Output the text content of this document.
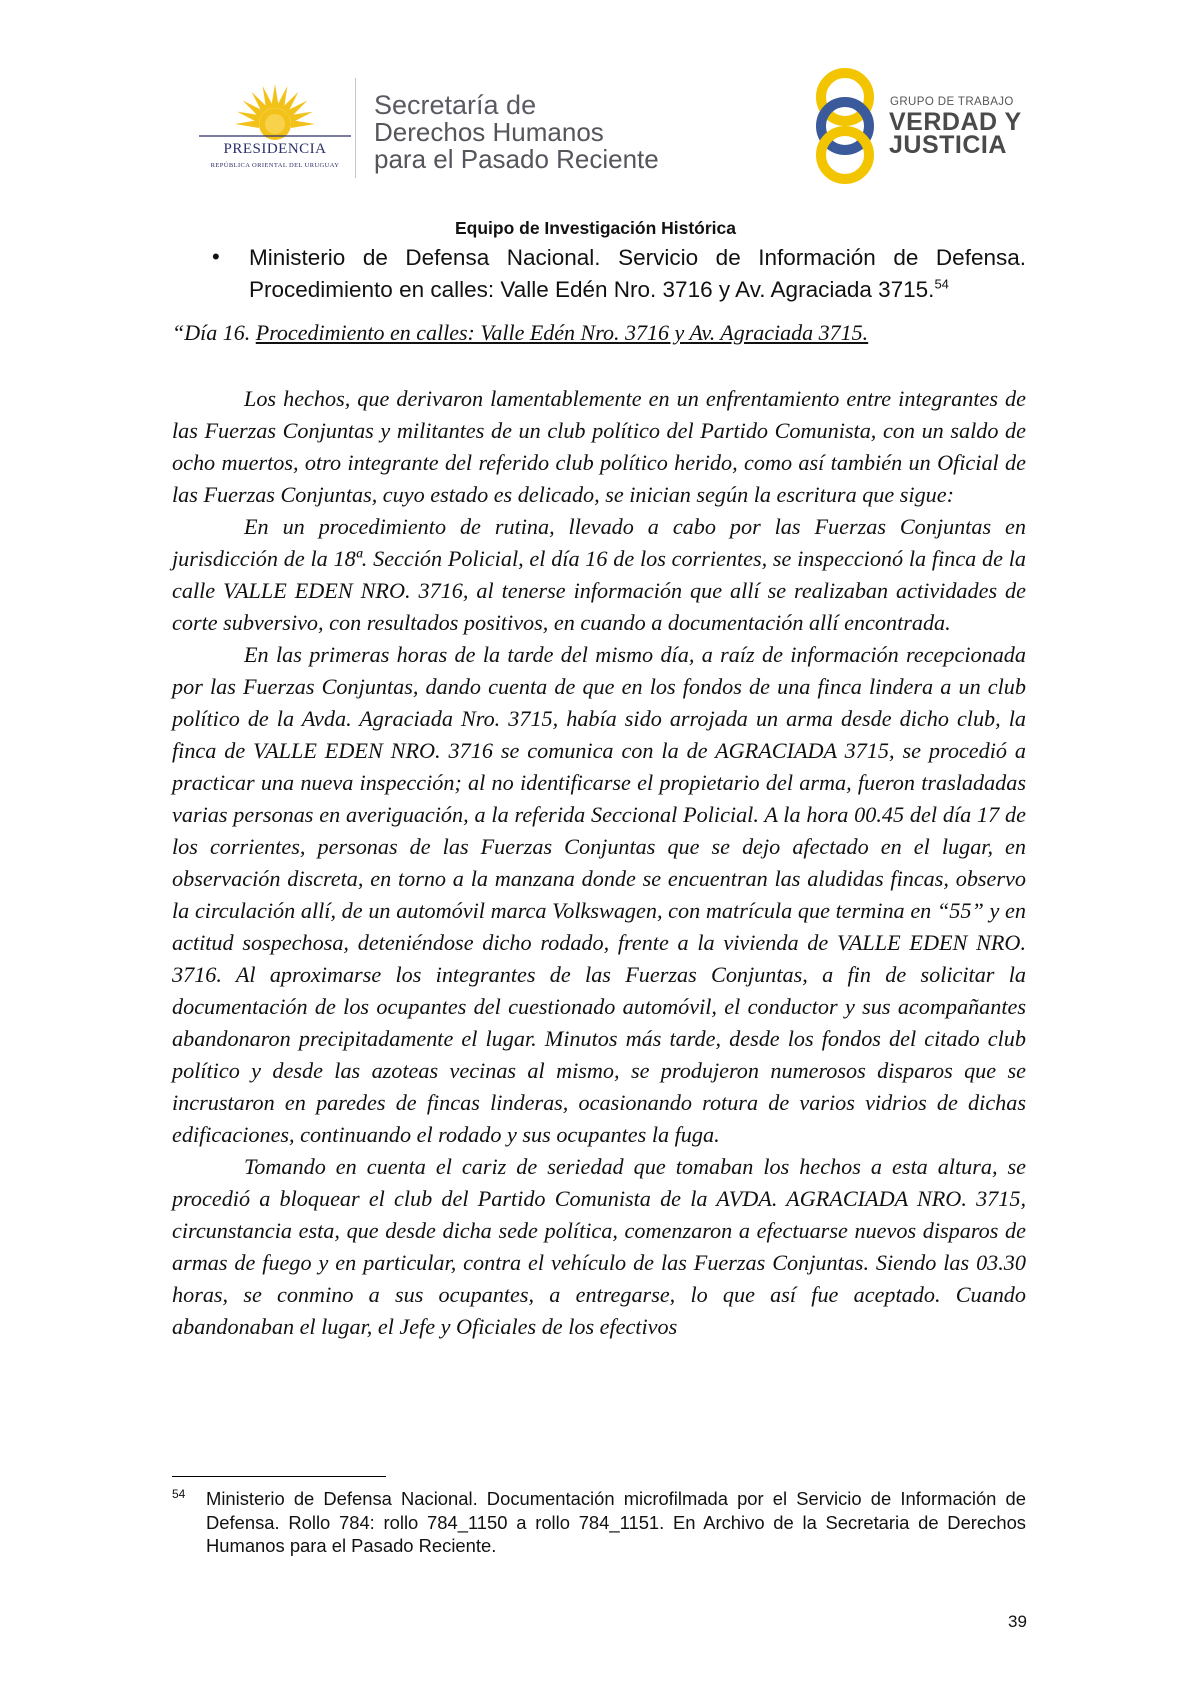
PRESIDENCIA
REPÚBLICA ORIENTAL DEL URUGUAY
Secretaría de
Derechos Humanos
para el Pasado Reciente
GRUPO DE TRABAJO
VERDAD Y
JUSTICIA
Equipo de Investigación Histórica
• Ministerio de Defensa Nacional. Servicio de Información de Defensa. Procedimiento en calles: Valle Edén Nro. 3716 y Av. Agraciada 3715.54
“Día 16. Procedimiento en calles: Valle Edén Nro. 3716 y Av. Agraciada 3715.

Los hechos, que derivaron lamentablemente en un enfrentamiento entre integrantes de las Fuerzas Conjuntas y militantes de un club político del Partido Comunista, con un saldo de ocho muertos, otro integrante del referido club político herido, como así también un Oficial de las Fuerzas Conjuntas, cuyo estado es delicado, se inician según la escritura que sigue:

En un procedimiento de rutina, llevado a cabo por las Fuerzas Conjuntas en jurisdicción de la 18ª. Sección Policial, el día 16 de los corrientes, se inspeccionó la finca de la calle VALLE EDEN NRO. 3716, al tenerse información que allí se realizaban actividades de corte subversivo, con resultados positivos, en cuando a documentación allí encontrada.

En las primeras horas de la tarde del mismo día, a raíz de información recepcionada por las Fuerzas Conjuntas, dando cuenta de que en los fondos de una finca lindera a un club político de la Avda. Agraciada Nro. 3715, había sido arrojada un arma desde dicho club, la finca de VALLE EDEN NRO. 3716 se comunica con la de AGRACIADA 3715, se procedió a practicar una nueva inspección; al no identificarse el propietario del arma, fueron trasladadas varias personas en averiguación, a la referida Seccional Policial. A la hora 00.45 del día 17 de los corrientes, personas de las Fuerzas Conjuntas que se dejo afectado en el lugar, en observación discreta, en torno a la manzana donde se encuentran las aludidas fincas, observo la circulación allí, de un automóvil marca Volkswagen, con matrícula que termina en “55” y en actitud sospechosa, deteniéndose dicho rodado, frente a la vivienda de VALLE EDEN NRO. 3716. Al aproximarse los integrantes de las Fuerzas Conjuntas, a fin de solicitar la documentación de los ocupantes del cuestionado automóvil, el conductor y sus acompañantes abandonaron precipitadamente el lugar. Minutos más tarde, desde los fondos del citado club político y desde las azoteas vecinas al mismo, se produjeron numerosos disparos que se incrustaron en paredes de fincas linderas, ocasionando rotura de varios vidrios de dichas edificaciones, continuando el rodado y sus ocupantes la fuga.

Tomando en cuenta el cariz de seriedad que tomaban los hechos a esta altura, se procedió a bloquear el club del Partido Comunista de la AVDA. AGRACIADA NRO. 3715, circunstancia esta, que desde dicha sede política, comenzaron a efectuarse nuevos disparos de armas de fuego y en particular, contra el vehículo de las Fuerzas Conjuntas. Siendo las 03.30 horas, se conmino a sus ocupantes, a entregarse, lo que así fue aceptado. Cuando abandonaban el lugar, el Jefe y Oficiales de los efectivos

54 Ministerio de Defensa Nacional. Documentación microfilmada por el Servicio de Información de Defensa. Rollo 784: rollo 784_1150 a rollo 784_1151. En Archivo de la Secretaria de Derechos Humanos para el Pasado Reciente.
39
